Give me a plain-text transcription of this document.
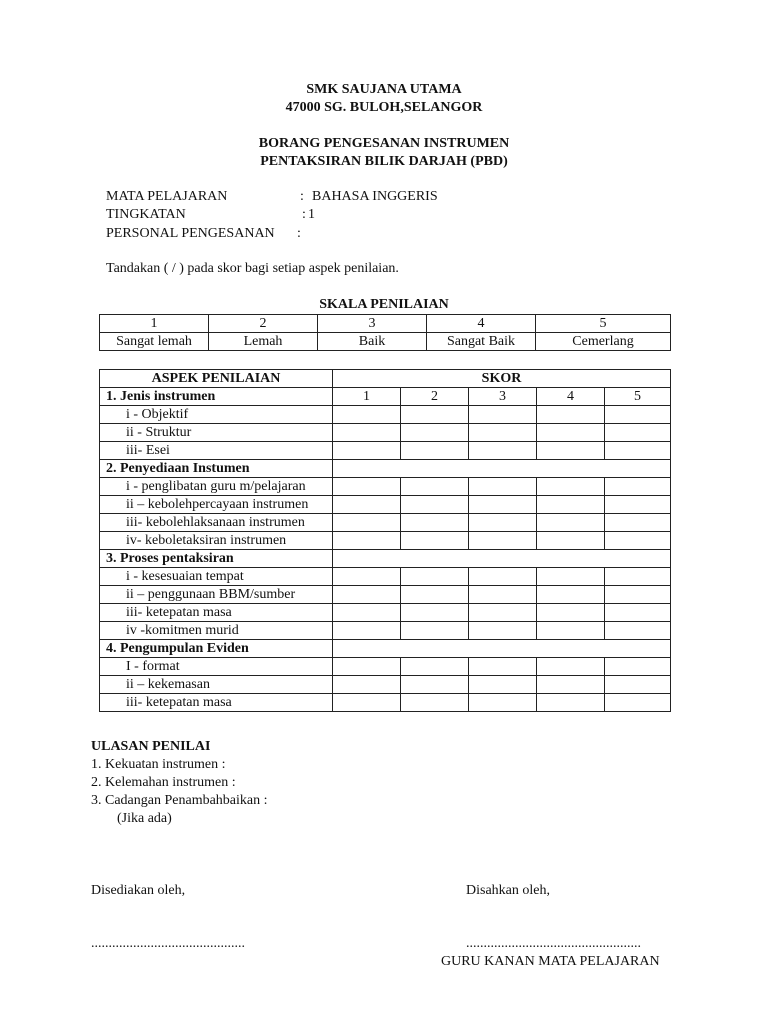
SMK SAUJANA UTAMA
47000 SG. BULOH,SELANGOR
BORANG PENGESANAN INSTRUMEN
PENTAKSIRAN BILIK DARJAH (PBD)
MATA PELAJARAN	: BAHASA INGGERIS
TINGKATAN	: 1
PERSONAL PENGESANAN :
Tandakan ( / ) pada skor bagi setiap aspek penilaian.
SKALA PENILAIAN
1	2	3	4	5
Sangat lemah	Lemah	Baik	Sangat Baik	Cemerlang
ASPEK PENILAIAN	SKOR				
1. Jenis instrumen	1	2	3	4	5
i - Objektif					
ii - Struktur					
iii- Esei					
2. Penyediaan Instumen					
i - penglibatan guru m/pelajaran					
ii – kebolehpercayaan instrumen					
iii- kebolehlaksanaan instrumen					
iv- keboletaksiran instrumen					
3. Proses pentaksiran					
i - kesesuaian tempat					
ii – penggunaan BBM/sumber					
iii- ketepatan masa					
iv -komitmen murid					
4. Pengumpulan Eviden					
I - format					
ii – kekemasan					
iii- ketepatan masa					
ULASAN PENILAI
1. Kekuatan instrumen :
2. Kelemahan instrumen :
3. Cadangan Penambahbaikan :
(Jika ada)
Disediakan oleh,	Disahkan oleh,
............................................	..................................................
GURU KANAN MATA PELAJARAN
